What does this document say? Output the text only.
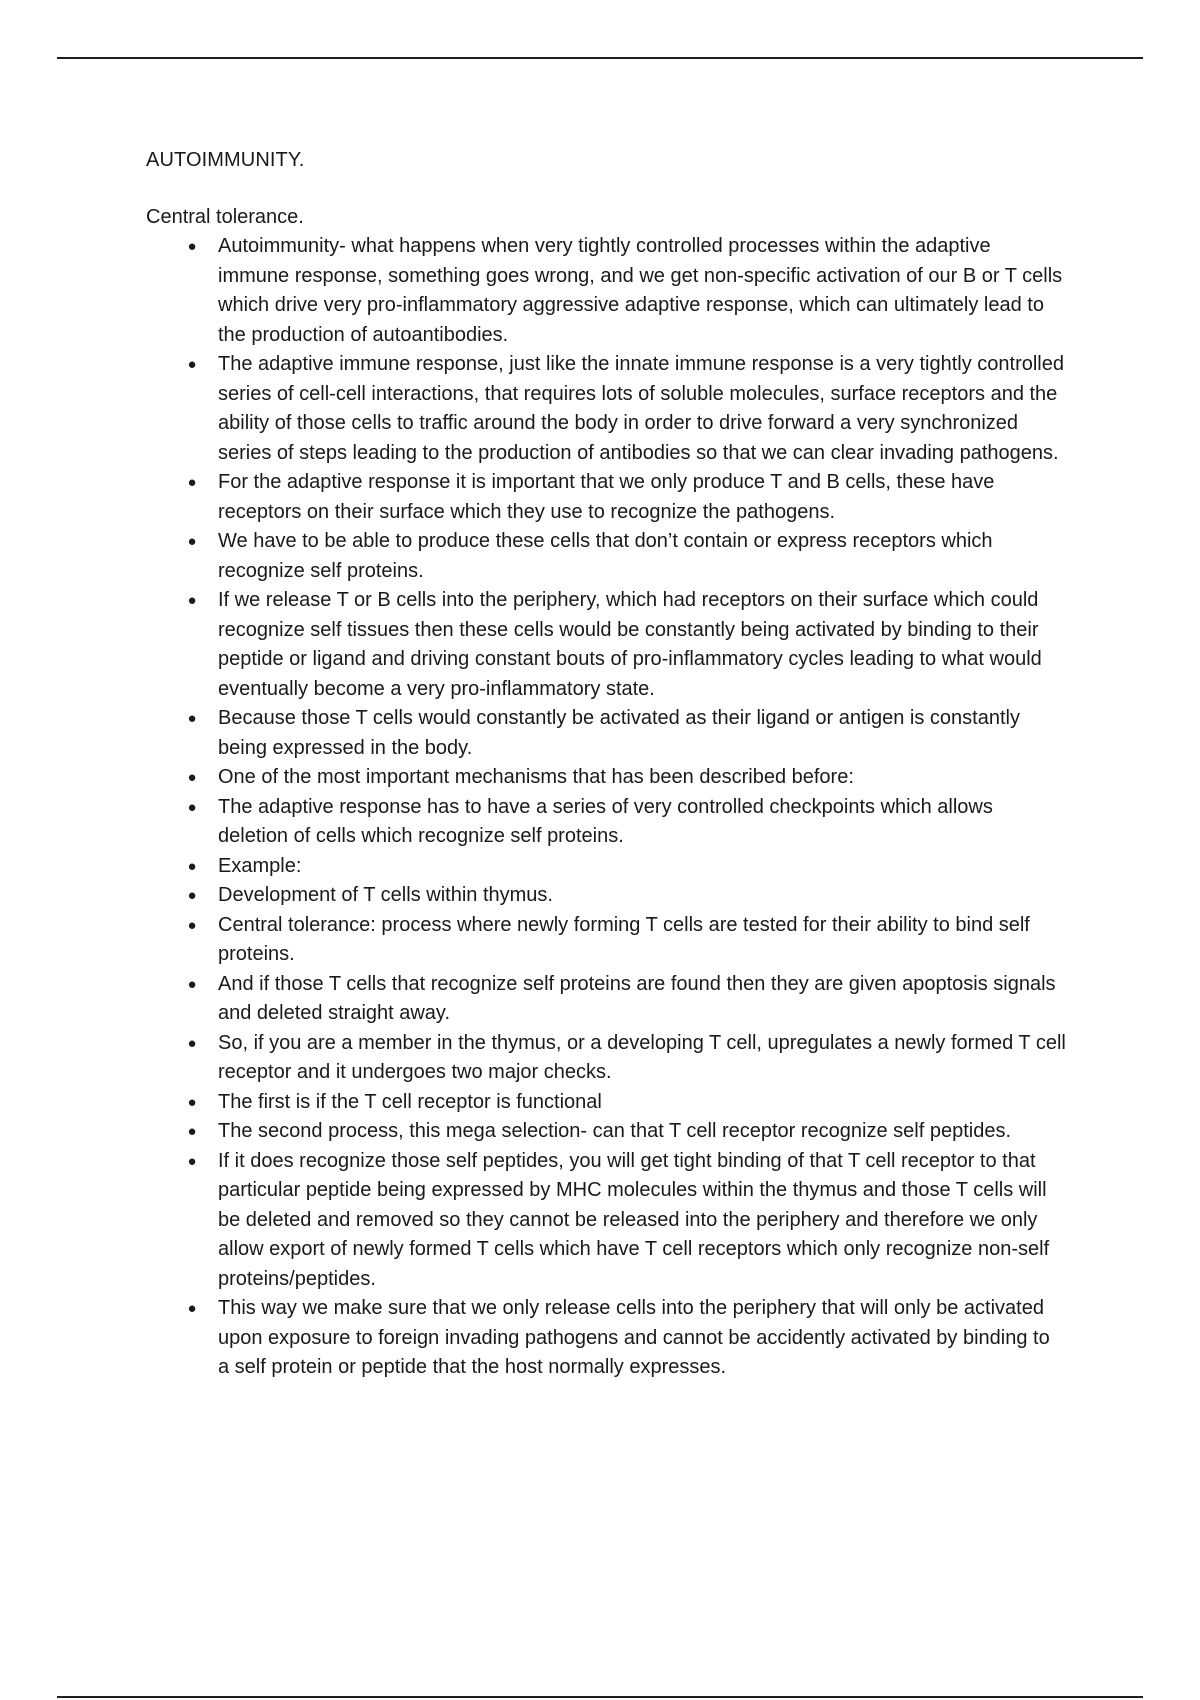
AUTOIMMUNITY.
Central tolerance.
● Autoimmunity- what happens when very tightly controlled processes within the adaptive immune response, something goes wrong, and we get non-specific activation of our B or T cells which drive very pro-inflammatory aggressive adaptive response, which can ultimately lead to the production of autoantibodies.
● The adaptive immune response, just like the innate immune response is a very tightly controlled series of cell-cell interactions, that requires lots of soluble molecules, surface receptors and the ability of those cells to traffic around the body in order to drive forward a very synchronized series of steps leading to the production of antibodies so that we can clear invading pathogens.
● For the adaptive response it is important that we only produce T and B cells, these have receptors on their surface which they use to recognize the pathogens.
● We have to be able to produce these cells that don’t contain or express receptors which recognize self proteins.
● If we release T or B cells into the periphery, which had receptors on their surface which could recognize self tissues then these cells would be constantly being activated by binding to their peptide or ligand and driving constant bouts of pro-inflammatory cycles leading to what would eventually become a very pro-inflammatory state.
● Because those T cells would constantly be activated as their ligand or antigen is constantly being expressed in the body.
● One of the most important mechanisms that has been described before:
● The adaptive response has to have a series of very controlled checkpoints which allows deletion of cells which recognize self proteins.
● Example:
● Development of T cells within thymus.
● Central tolerance: process where newly forming T cells are tested for their ability to bind self proteins.
● And if those T cells that recognize self proteins are found then they are given apoptosis signals and deleted straight away.
● So, if you are a member in the thymus, or a developing T cell, upregulates a newly formed T cell receptor and it undergoes two major checks.
● The first is if the T cell receptor is functional
● The second process, this mega selection- can that T cell receptor recognize self peptides.
● If it does recognize those self peptides, you will get tight binding of that T cell receptor to that particular peptide being expressed by MHC molecules within the thymus and those T cells will be deleted and removed so they cannot be released into the periphery and therefore we only allow export of newly formed T cells which have T cell receptors which only recognize non-self proteins/peptides.
● This way we make sure that we only release cells into the periphery that will only be activated upon exposure to foreign invading pathogens and cannot be accidently activated by binding to a self protein or peptide that the host normally expresses.
